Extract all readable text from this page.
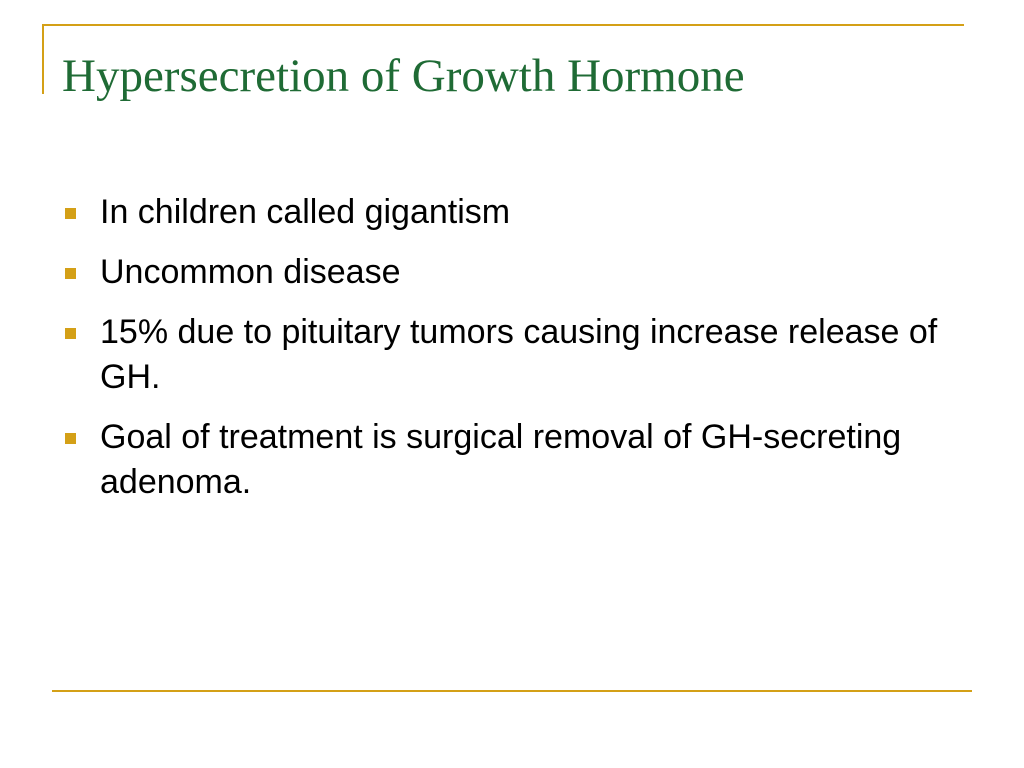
Hypersecretion of Growth Hormone
In children called gigantism
Uncommon disease
15% due to pituitary tumors causing increase release of GH.
Goal of treatment is surgical removal of GH-secreting adenoma.
